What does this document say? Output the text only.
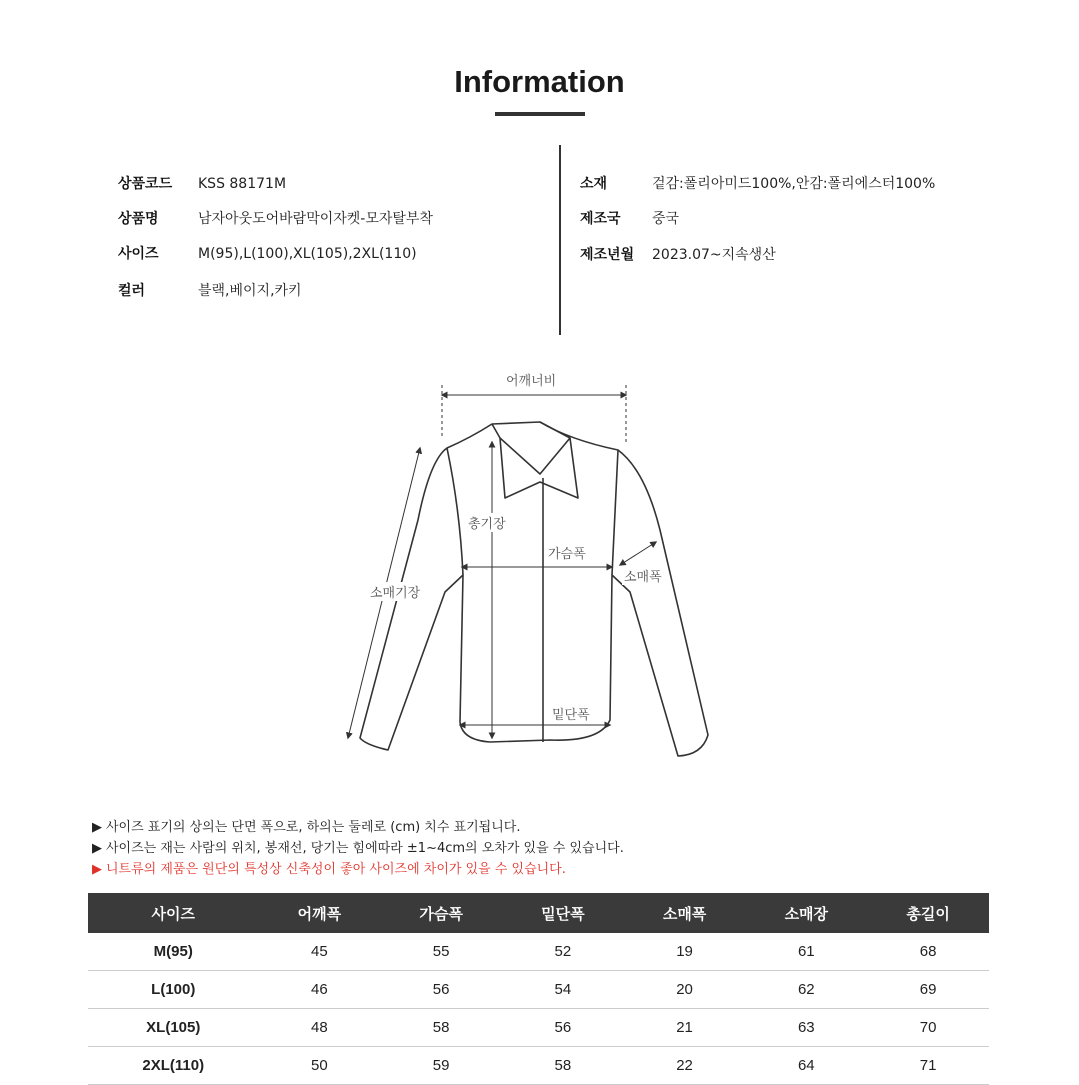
Information
상품코드 KSS 88171M
상품명	남자아웃도어바람막이자켓-모자탈부착
사이즈	M(95),L(100),XL(105),2XL(110)
컬러	블랙,베이지,카키
소재	겉감:폴리아미드100%,안감:폴리에스터100%
제조국 중국
제조년월 2023.07~지속생산
어깨너비
총기장
가슴폭
소매폭
소매기장
밑단폭
▶ 사이즈 표기의 상의는 단면 폭으로, 하의는 둘레로 (cm) 치수 표기됩니다.
▶ 사이즈는 재는 사람의 위치, 봉재선, 당기는 힘에따라 ±1~4cm의 오차가 있을 수 있습니다.
▶ 니트류의 제품은 원단의 특성상 신축성이 좋아 사이즈에 차이가 있을 수 있습니다.
사이즈	어깨폭	가슴폭	밑단폭	소매폭	소매장	총길이
M(95)	45	55	52	19	61	68
L(100)	46	56	54	20	62	69
XL(105)	48	58	56	21	63	70
2XL(110)	50	59	58	22	64	71
